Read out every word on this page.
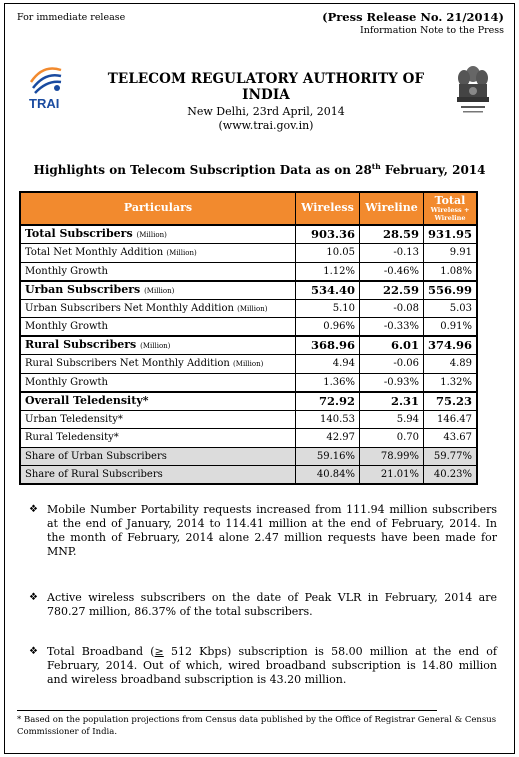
For immediate release	(Press Release No. 21/2014)
Information Note to the Press
TRAI
TELECOM REGULATORY AUTHORITY OF INDIA
New Delhi, 23rd April, 2014
(www.trai.gov.in)
Highlights on Telecom Subscription Data as on 28th February, 2014
Particulars	Wireless	Wireline	Total
Wireless + Wireline

Total Subscribers (Million)	903.36	28.59	931.95
Total Net Monthly Addition (Million)	10.05	-0.13	9.91
Monthly Growth	1.12%	-0.46%	1.08%
Urban Subscribers (Million)	534.40	22.59	556.99
Urban Subscribers Net Monthly Addition (Million)	5.10	-0.08	5.03
Monthly Growth	0.96%	-0.33%	0.91%
Rural Subscribers (Million)	368.96	6.01	374.96
Rural Subscribers Net Monthly Addition (Million)	4.94	-0.06	4.89
Monthly Growth	1.36%	-0.93%	1.32%
Overall Teledensity*	72.92	2.31	75.23
Urban Teledensity*	140.53	5.94	146.47
Rural Teledensity*	42.97	0.70	43.67
Share of Urban Subscribers	59.16%	78.99%	59.77%
Share of Rural Subscribers	40.84%	21.01%	40.23%
❖ Mobile Number Portability requests increased from 111.94 million subscribers at the end of January, 2014 to 114.41 million at the end of February, 2014. In the month of February, 2014 alone 2.47 million requests have been made for MNP.
❖ Active wireless subscribers on the date of Peak VLR in February, 2014 are 780.27 million, 86.37% of the total subscribers.
❖ Total Broadband (≥ 512 Kbps) subscription is 58.00 million at the end of February, 2014. Out of which, wired broadband subscription is 14.80 million and wireless broadband subscription is 43.20 million.
* Based on the population projections from Census data published by the Office of Registrar General & Census Commissioner of India.
